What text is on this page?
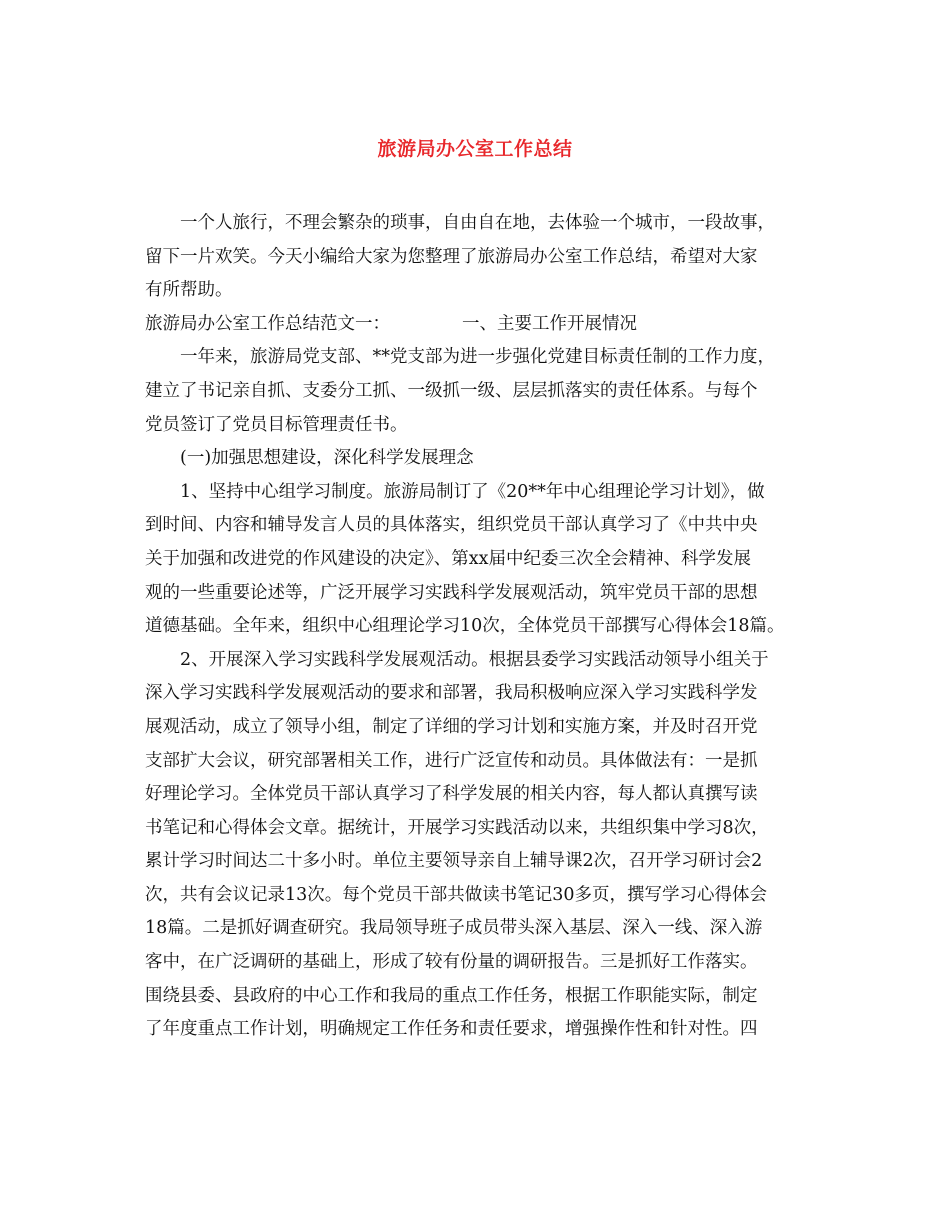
旅游局办公室工作总结
一个人旅行，不理会繁杂的琐事，自由自在地，去体验一个城市，一段故事，
留下一片欢笑。今天小编给大家为您整理了旅游局办公室工作总结，希望对大家
有所帮助。
旅游局办公室工作总结范文一：	一、主要工作开展情况
一年来，旅游局党支部、**党支部为进一步强化党建目标责任制的工作力度，
建立了书记亲自抓、支委分工抓、一级抓一级、层层抓落实的责任体系。与每个
党员签订了党员目标管理责任书。
(一)加强思想建设，深化科学发展理念
1、坚持中心组学习制度。旅游局制订了《20**年中心组理论学习计划》，做
到时间、内容和辅导发言人员的具体落实，组织党员干部认真学习了《中共中央
关于加强和改进党的作风建设的决定》、第xx届中纪委三次全会精神、科学发展
观的一些重要论述等，广泛开展学习实践科学发展观活动，筑牢党员干部的思想
道德基础。全年来，组织中心组理论学习10次，全体党员干部撰写心得体会18篇。
2、开展深入学习实践科学发展观活动。根据县委学习实践活动领导小组关于
深入学习实践科学发展观活动的要求和部署，我局积极响应深入学习实践科学发
展观活动，成立了领导小组，制定了详细的学习计划和实施方案，并及时召开党
支部扩大会议，研究部署相关工作，进行广泛宣传和动员。具体做法有：一是抓
好理论学习。全体党员干部认真学习了科学发展的相关内容，每人都认真撰写读
书笔记和心得体会文章。据统计，开展学习实践活动以来，共组织集中学习8次，
累计学习时间达二十多小时。单位主要领导亲自上辅导课2次，召开学习研讨会2
次，共有会议记录13次。每个党员干部共做读书笔记30多页，撰写学习心得体会
18篇。二是抓好调查研究。我局领导班子成员带头深入基层、深入一线、深入游
客中，在广泛调研的基础上，形成了较有份量的调研报告。三是抓好工作落实。
围绕县委、县政府的中心工作和我局的重点工作任务，根据工作职能实际，制定
了年度重点工作计划，明确规定工作任务和责任要求，增强操作性和针对性。四
